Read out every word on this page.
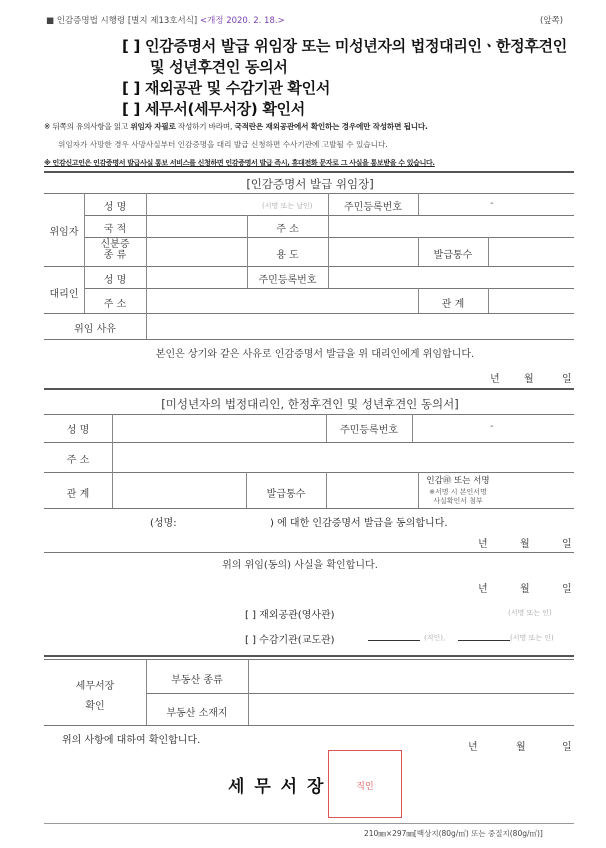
■ 인감증명법 시행령 [별지 제13호서식] <개정 2020. 2. 18.>	(앞쪽)
[ ] 인감증명서 발급 위임장 또는 미성년자의 법정대리인ㆍ한정후견인
및 성년후견인 동의서
[ ] 재외공관 및 수감기관 확인서
[ ] 세무서(세무서장) 확인서
※ 뒤쪽의 유의사항을 읽고 위임자 자필로 작성하기 바라며, 국적란은 재외공관에서 확인하는 경우에만 작성하면 됩니다.
위임자가 사망한 경우 사망사실부터 인감증명을 대리 발급 신청하면 수사기관에 고발될 수 있습니다.
※ 인감신고인은 인감증명서 발급사실 통보 서비스를 신청하면 인감증명서 발급 즉시, 휴대전화 문자로 그 사실을 통보받을 수 있습니다.
[인감증명서 발급 위임장]
위임자
성 명	(서명 또는 날인)	주민등록번호	-
국 적	주 소
신분증
종 류	용 도	발급통수
대리인
성 명	주민등록번호
주 소	관 계
위임 사유
본인은 상기와 같은 사유로 인감증명서 발급을 위 대리인에게 위임합니다.
년 월	일
[미성년자의 법정대리인, 한정후견인 및 성년후견인 동의서]
성 명	주민등록번호	-
주 소
관 계	발급통수
인감㊞ 또는 서명
※서명 시 본인서명
사실확인서 첨부
(성명:	) 에 대한 인감증명서 발급을 동의합니다.
년	월	일
위의 위임(동의) 사실을 확인합니다.
년	월	일
[ ] 재외공관(영사관)	(서명 또는 인)
[ ] 수감기관(교도관)	(직인),	(서명 또는 인)
세무서장
확인
부동산 종류
부동산 소재지
위의 사항에 대하여 확인합니다.
년	월	일
세 무 서 장	직인
210㎜×297㎜[백상지(80g/㎡) 또는 중질지(80g/㎡)]
